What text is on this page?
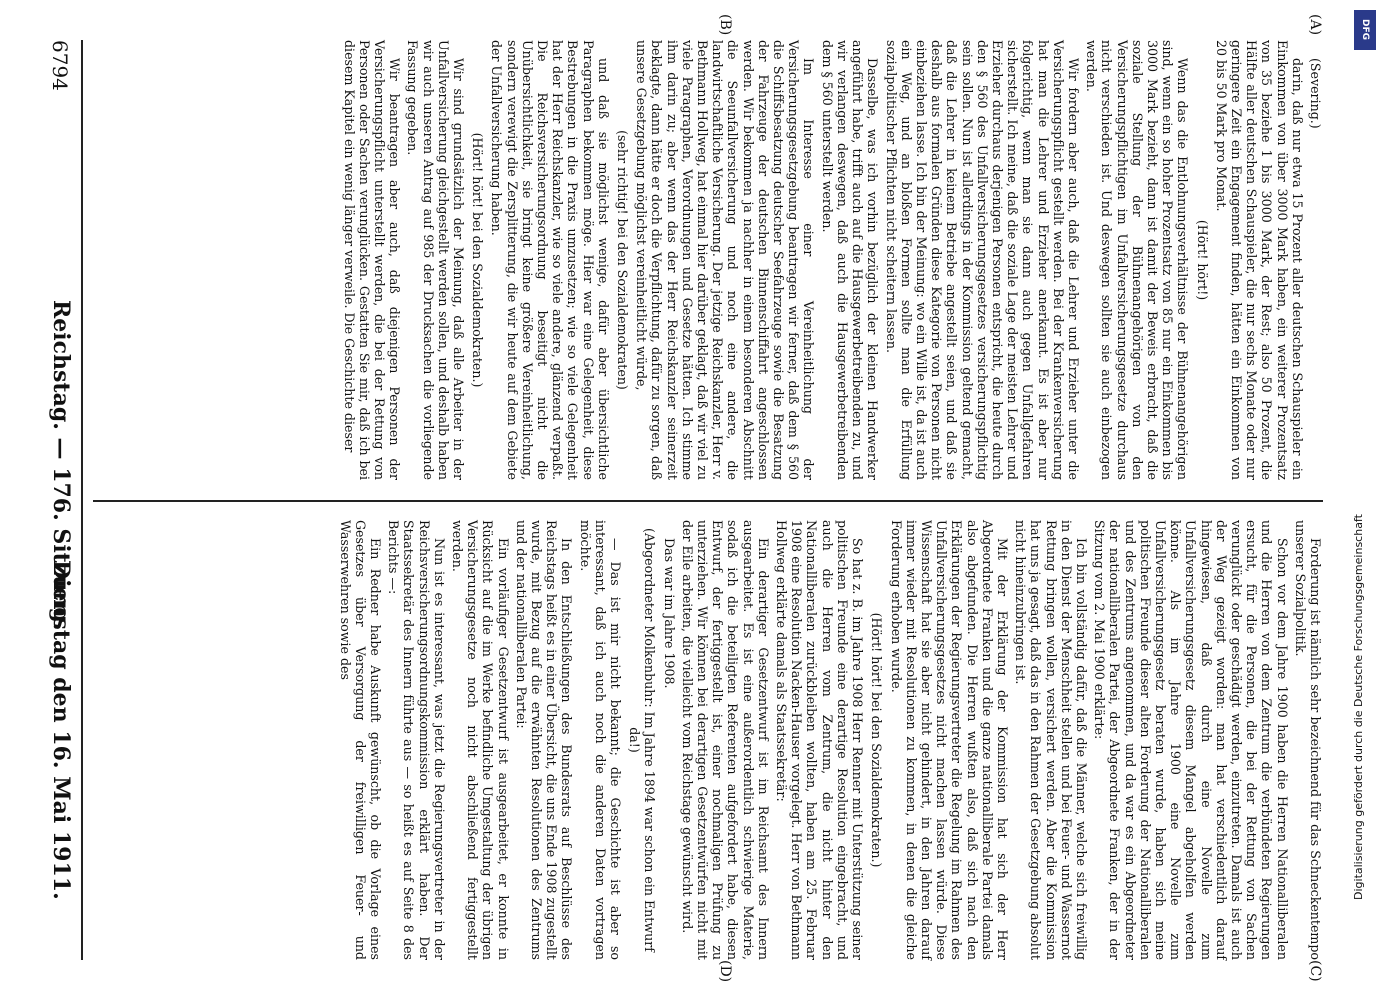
(A)
(B)
(C)
(D)

(Severing.)

darin, daß nur etwa 15 Prozent aller deutschen Schauspieler ein Einkommen von über 3000 Mark haben, ein weiterer Prozentsatz von 35 beziehe 1 bis 3000 Mark, der Rest; also 50 Prozent, die Hälfte aller deutschen Schauspieler, die nur sechs Monate oder nur geringere Zeit ein Engagement finden, hätten ein Einkommen von 20 bis 50 Mark pro Monat.

(Hört! hört!)

Wenn das die Entlohnungsverhältnisse der Bühnenangehörigen sind, wenn ein so hoher Prozentsatz von 85 nur ein Einkommen bis 3000 Mark bezieht, dann ist damit der Beweis erbracht, daß die soziale Stellung der Bühnenangehörigen von den Versicherungspflichtigen im Unfallversicherungsgesetze durchaus nicht verschieden ist. Und deswegen sollten sie auch einbezogen werden.

Wir fordern aber auch, daß die Lehrer und Erzieher unter die Versicherungspflicht gestellt werden. Bei der Krankenversicherung hat man die Lehrer und Erzieher anerkannt. Es ist aber nur folgerichtig, wenn man sie dann auch gegen Unfallgefahren sicherstellt. Ich meine, daß die soziale Lage der meisten Lehrer und Erzieher durchaus derjenigen Personen entspricht, die heute durch den § 560 des Unfallversicherungsgesetzes versicherungspflichtig sein sollen. Nun ist allerdings in der Kommission geltend gemacht, daß die Lehrer in keinem Betriebe angestellt seien, und daß sie deshalb aus formalen Gründen diese Kategorie von Personen nicht einbeziehen lasse. Ich bin der Meinung: wo ein Wille ist, da ist auch ein Weg, und an bloßen Formen sollte man die Erfüllung sozialpolitischer Pflichten nicht scheitern lassen.

Dasselbe, was ich vorhin bezüglich der kleinen Handwerker angeführt habe, trifft auch auf die Hausgewerbetreibenden zu, und wir verlangen deswegen, daß auch die Hausgewerbetreibenden dem § 560 unterstellt werden.

Im Interesse einer Vereinheitlichung der Versicherungsgesetzgebung beantragen wir ferner, daß dem § 560 die Schiffsbesatzung deutscher Seefahrzeuge sowie die Besatzung der Fahrzeuge der deutschen Binnenschiffahrt angeschlossen werden. Wir bekommen ja nachher in einem besonderen Abschnitt die Seeunfallversicherung und noch eine andere, die landwirtschaftliche Versicherung. Der jetzige Reichskanzler, Herr v. Bethmann Hollweg, hat einmal hier darüber geklagt, daß wir viel zu viele Paragraphen, Verordnungen und Gesetze hätten. Ich stimme ihm darin zu; aber wenn das der Herr Reichskanzler seinerzeit beklagte, dann hätte er doch die Verpflichtung, dafür zu sorgen, daß unsere Gesetzgebung möglichst vereinheitlicht würde,

(sehr richtig! bei den Sozialdemokraten)

und daß sie möglichst wenige, dafür aber übersichtliche Paragraphen bekommen möge. Hier war eine Gelegenheit, diese Bestrebungen in die Praxis umzusetzen; wie so viele Gelegenheit hat der Herr Reichskanzler, wie so viele andere, glänzend verpaßt. Die Reichsversicherungsordnung beseitigt nicht die Unübersichtlichkeit, sie bringt keine größere Vereinheitlichung, sondern verewigt die Zersplitterung, die wir heute auf dem Gebiete der Unfallversicherung haben.

(Hört! hört! bei den Sozialdemokraten.)

Wir sind grundsätzlich der Meinung, daß alle Arbeiter in der Unfallversicherung gleichgestellt werden sollen, und deshalb haben wir auch unseren Antrag auf 985 der Drucksachen die vorliegende Fassung gegeben.

Wir beantragen aber auch, daß diejenigen Personen der Versicherungspflicht unterstellt werden, die bei der Rettung von Personen oder Sachen verunglücken. Gestatten Sie mir, daß ich bei diesem Kapitel ein wenig länger verweile. Die Geschichte dieser

Forderung ist nämlich sehr bezeichnend für das Schneckentempo unserer Sozialpolitik.

Schon vor dem Jahre 1900 haben die Herren Nationalliberalen und die Herren von dem Zentrum die verbündeten Regierungen ersucht, für die Personen, die bei der Rettung von Sachen verunglückt oder geschädigt werden, einzutreten. Damals ist auch der Weg gezeigt worden: man hat verschiedentlich darauf hingewiesen, daß durch eine Novelle zum Unfallversicherungsgesetz diesem Mangel abgeholfen werden könne. Als im Jahre 1900 eine Novelle zum Unfallversicherungsgesetz beraten wurde, haben sich meine politischen Freunde dieser alten Forderung der Nationalliberalen und des Zentrums angenommen, und da war es ein Abgeordneter der nationalliberalen Partei, der Abgeordnete Franken, der in der Sitzung vom 2. Mai 1900 erklärte:

Ich bin vollständig dafür, daß die Männer, welche sich freiwillig in den Dienst der Menschheit stellen und bei Feuer- und Wassernot Rettung bringen wollen, versichert werden. Aber die Kommission hat uns ja gesagt, daß das in den Rahmen der Gesetzgebung absolut nicht hineinzubringen ist.

Mit der Erklärung der Kommission hat sich der Herr Abgeordnete Franken und die ganze nationalliberale Partei damals also abgefunden. Die Herren wußten also, daß sich nach den Erklärungen der Regierungsvertreter die Regelung im Rahmen des Unfallversicherungsgesetzes nicht machen lassen würde. Diese Wissenschaft hat sie aber nicht gehindert, in den Jahren darauf immer wieder mit Resolutionen zu kommen, in denen die gleiche Forderung erhoben wurde.

(Hört! hört! bei den Sozialdemokraten.)

So hat z. B. im Jahre 1908 Herr Renner mit Unterstützung seiner politischen Freunde eine derartige Resolution eingebracht, und auch die Herren vom Zentrum, die nicht hinter den Nationalliberalen zurückbleiben wollten, haben am 25. Februar 1908 eine Resolution Nacken-Hauser vorgelegt. Herr von Bethmann Hollweg erklärte damals als Staatssekretär:

Ein derartiger Gesetzentwurf ist im Reichsamt des Innern ausgearbeitet. Es ist eine außerordentlich schwierige Materie, sodaß ich die beteiligten Referenten aufgefordert habe, diesen Entwurf, der fertiggestellt ist, einer nochmaligen Prüfung zu unterziehen. Wir können bei derartigen Gesetzentwürfen nicht mit der Eile arbeiten, die vielleicht vom Reichstage gewünscht wird.

Das war im Jahre 1908.

(Abgeordneter Molkenbuhr: Im Jahre 1894 war schon ein Entwurf da!)

— Das ist mir nicht bekannt; die Geschichte ist aber so interessant, daß ich auch noch die anderen Daten vortragen möchte.

In den Entschließungen des Bundesrats auf Beschlüsse des Reichstags heißt es in einer Übersicht, die uns Ende 1908 zugestellt wurde, mit Bezug auf die erwähnten Resolutionen des Zentrums und der nationalliberalen Partei:

Ein vorläufiger Gesetzentwurf ist ausgearbeitet, er konnte in Rücksicht auf die im Werke befindliche Umgestaltung der übrigen Versicherungsgesetze noch nicht abschließend fertiggestellt werden.

Nun ist es interessant, was jetzt die Regierungsvertreter in der Reichsversicherungsordnungskommission erklärt haben. Der Staatssekretär des Innern führte aus — so heißt es auf Seite 8 des Berichts —:

Ein Redner habe Auskunft gewünscht, ob die Vorlage eines Gesetzes über Versorgung der freiwilligen Feuer- und Wasserwehren sowie des

6794
Reichstag. — 176. Sitzung.
Dienstag den 16. Mai 1911.
DFG
Digitalisierung gefördert durch die Deutsche Forschungsgemeinschaft
